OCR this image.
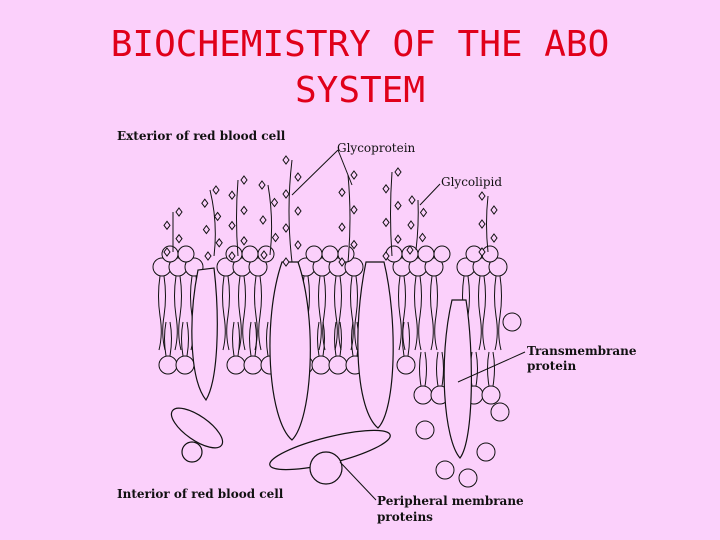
BIOCHEMISTRY OF THE ABO
SYSTEM
Exterior of red blood cell
Glycoprotein
Glycolipid
Transmembrane
protein
Interior of red blood cell	Peripheral membrane
proteins
